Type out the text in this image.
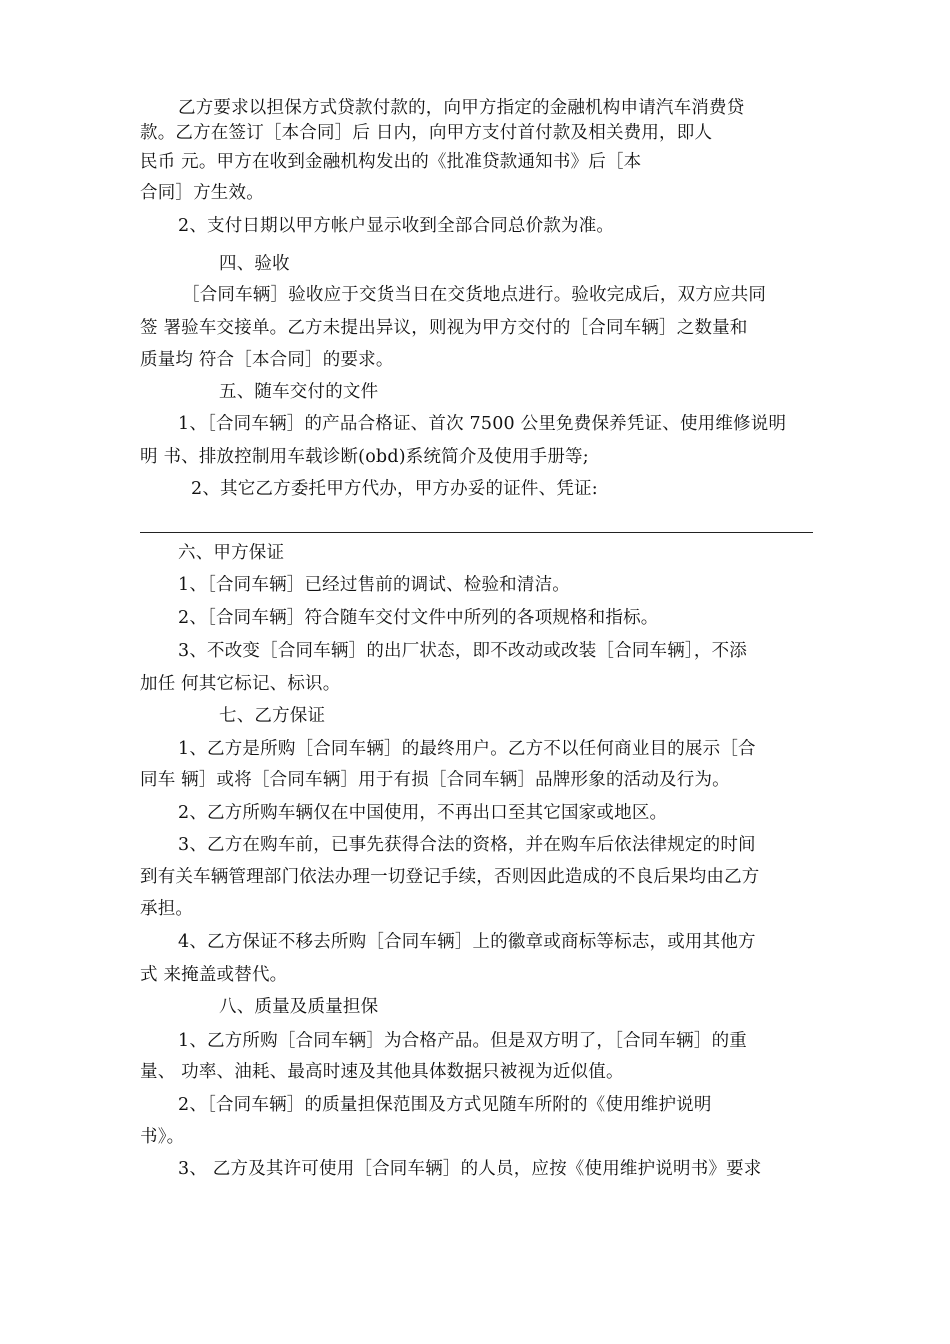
乙方要求以担保方式贷款付款的，向甲方指定的金融机构申请汽车消费贷
款。乙方在签订［本合同］后 日内，向甲方支付首付款及相关费用，即人
民币 元。甲方在收到金融机构发出的《批准贷款通知书》后［本
合同］方生效。
2、支付日期以甲方帐户显示收到全部合同总价款为准。
四、验收
［合同车辆］验收应于交货当日在交货地点进行。验收完成后，双方应共同
签 署验车交接单。乙方未提出异议，则视为甲方交付的［合同车辆］之数量和
质量均 符合［本合同］的要求。
五、随车交付的文件
1、［合同车辆］的产品合格证、首次 7500 公里免费保养凭证、使用维修说明
明 书、排放控制用车载诊断(obd)系统简介及使用手册等;
2、其它乙方委托甲方代办，甲方办妥的证件、凭证:
六、甲方保证
1、［合同车辆］已经过售前的调试、检验和清洁。
2、［合同车辆］符合随车交付文件中所列的各项规格和指标。
3、不改变［合同车辆］的出厂状态，即不改动或改装［合同车辆］，不添
加任 何其它标记、标识。
七、乙方保证
1、乙方是所购［合同车辆］的最终用户。乙方不以任何商业目的展示［合
同车 辆］或将［合同车辆］用于有损［合同车辆］品牌形象的活动及行为。
2、乙方所购车辆仅在中国使用，不再出口至其它国家或地区。
3、乙方在购车前，已事先获得合法的资格，并在购车后依法律规定的时间
到有关车辆管理部门依法办理一切登记手续，否则因此造成的不良后果均由乙方
承担。
4、乙方保证不移去所购［合同车辆］上的徽章或商标等标志，或用其他方
式 来掩盖或替代。
八、质量及质量担保
1、乙方所购［合同车辆］为合格产品。但是双方明了，［合同车辆］的重
量、 功率、油耗、最高时速及其他具体数据只被视为近似值。
2、［合同车辆］的质量担保范围及方式见随车所附的《使用维护说明
书》。
3、 乙方及其许可使用［合同车辆］的人员，应按《使用维护说明书》要求
